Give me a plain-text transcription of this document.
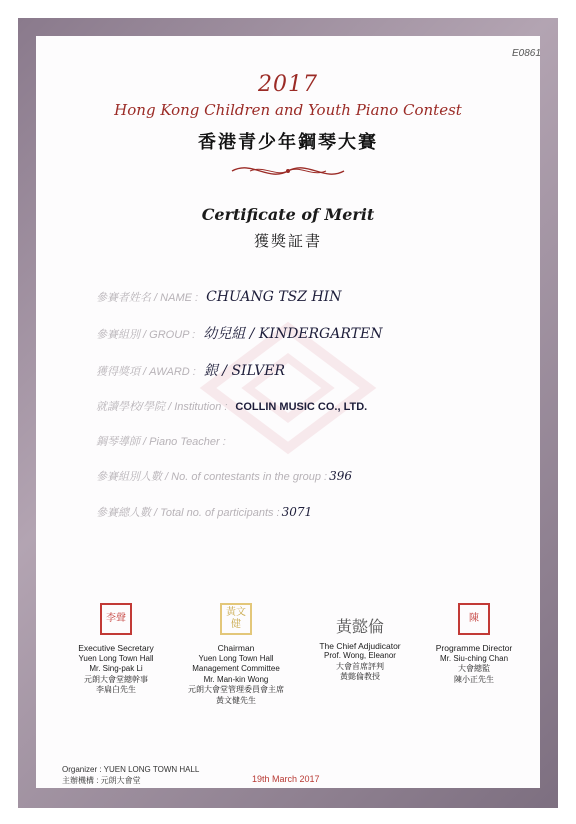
E0861
2017
Hong Kong Children and Youth Piano Contest
香港青少年鋼琴大賽
Certificate of Merit
獲獎証書
參賽者姓名 / NAME : CHUANG TSZ HIN
參賽組別 / GROUP : 幼兒組 / KINDERGARTEN
獲得獎項 / AWARD : 銀 / SILVER
就讀學校/學院 / Institution : COLLIN MUSIC CO., LTD.
鋼琴導師 / Piano Teacher :
參賽組別人數 / No. of contestants in the group : 396
參賽總人數 / Total no. of participants : 3071
李聲
Executive Secretary
Yuen Long Town Hall
Mr. Sing-pak Li
元朗大會堂總幹事
李扁白先生
黃文健
Chairman
Yuen Long Town Hall
Management Committee
Mr. Man-kin Wong
元朗大會堂管理委員會主席
黃文健先生
黃懿倫
The Chief Adjudicator
Prof. Wong, Eleanor
大會首席評判
黃懿倫教授
陳
Programme Director
Mr. Siu-ching Chan
大會總監
陳小正先生
Organizer : YUEN LONG TOWN HALL
主辦機構 : 元朗大會堂	19th March 2017
